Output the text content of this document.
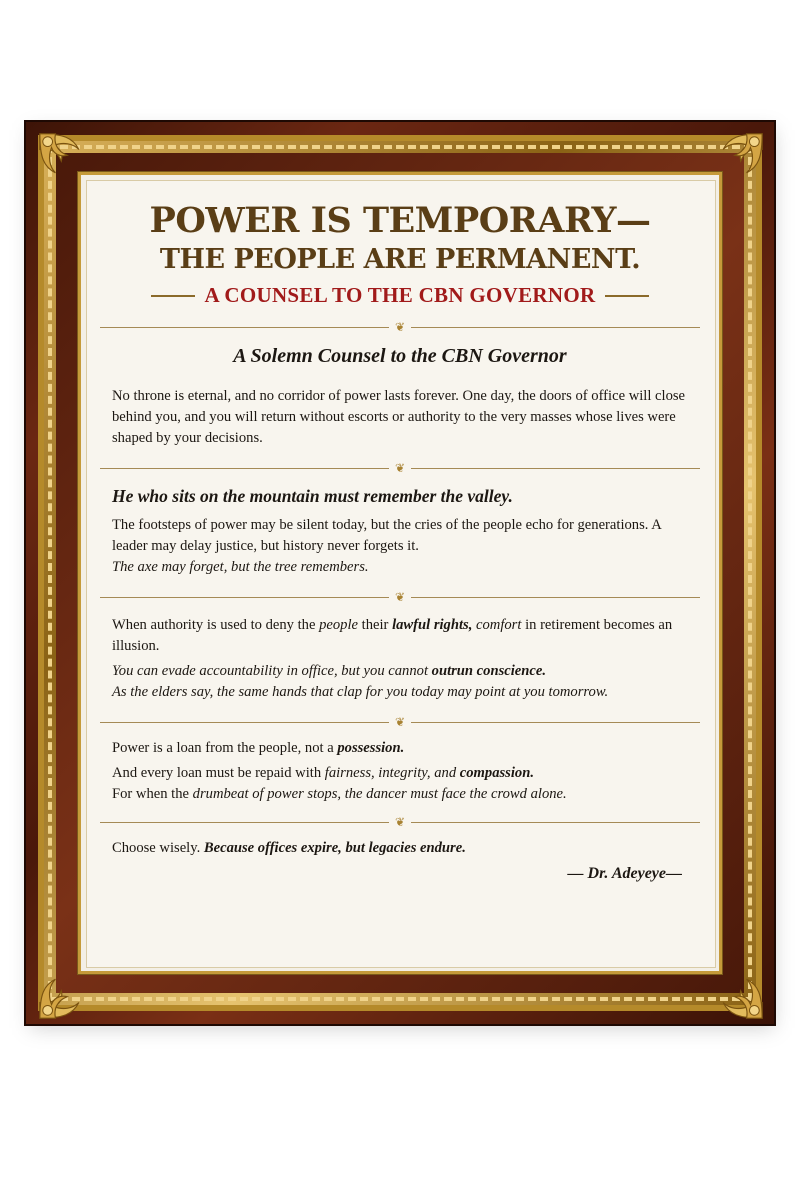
POWER IS TEMPORARY—
THE PEOPLE ARE PERMANENT.
A COUNSEL TO THE CBN GOVERNOR
❦
A Solemn Counsel to the CBN Governor

No throne is eternal, and no corridor of power lasts forever. One day, the doors of office will close behind you, and you will return without escorts or authority to the very masses whose lives were shaped by your decisions.

❦
He who sits on the mountain must remember the valley.

The footsteps of power may be silent today, but the cries of the people echo for generations. A leader may delay justice, but history never forgets it.

The axe may forget, but the tree remembers.

❦

When authority is used to deny the people their lawful rights, comfort in retirement becomes an illusion.

You can evade accountability in office, but you cannot outrun conscience.

As the elders say, the same hands that clap for you today may point at you tomorrow.

❦

Power is a loan from the people, not a possession.

And every loan must be repaid with fairness, integrity, and compassion.

For when the drumbeat of power stops, the dancer must face the crowd alone.

❦

Choose wisely. Because offices expire, but legacies endure.

— Dr. Adeyeye—
